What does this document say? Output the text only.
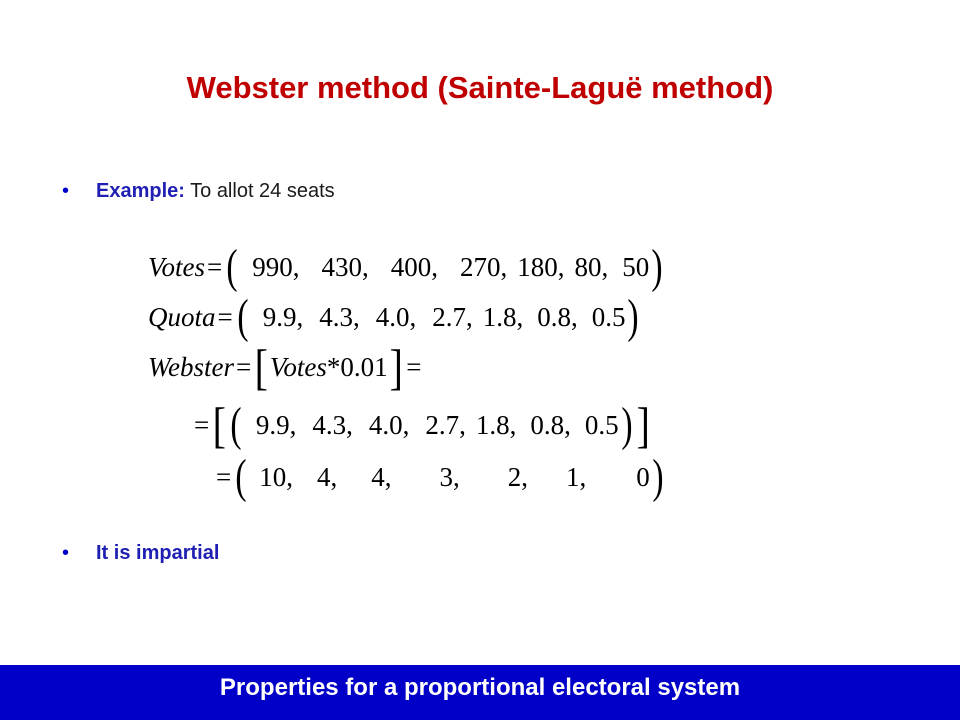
Webster method (Sainte-Laguë method)
• Example: To allot 24 seats
Votes = ( 990, 430, 400, 270, 180, 80, 50 )
Quota = ( 9.9, 4.3, 4.0, 2.7, 1.8, 0.8, 0.5 )
Webster = [ Votes *0.01 ] =
= [ ( 9.9, 4.3, 4.0, 2.7, 1.8, 0.8, 0.5 ) ]
= ( 10, 4, 4, 3, 2, 1, 0 )
• It is impartial
Properties for a proportional electoral system
